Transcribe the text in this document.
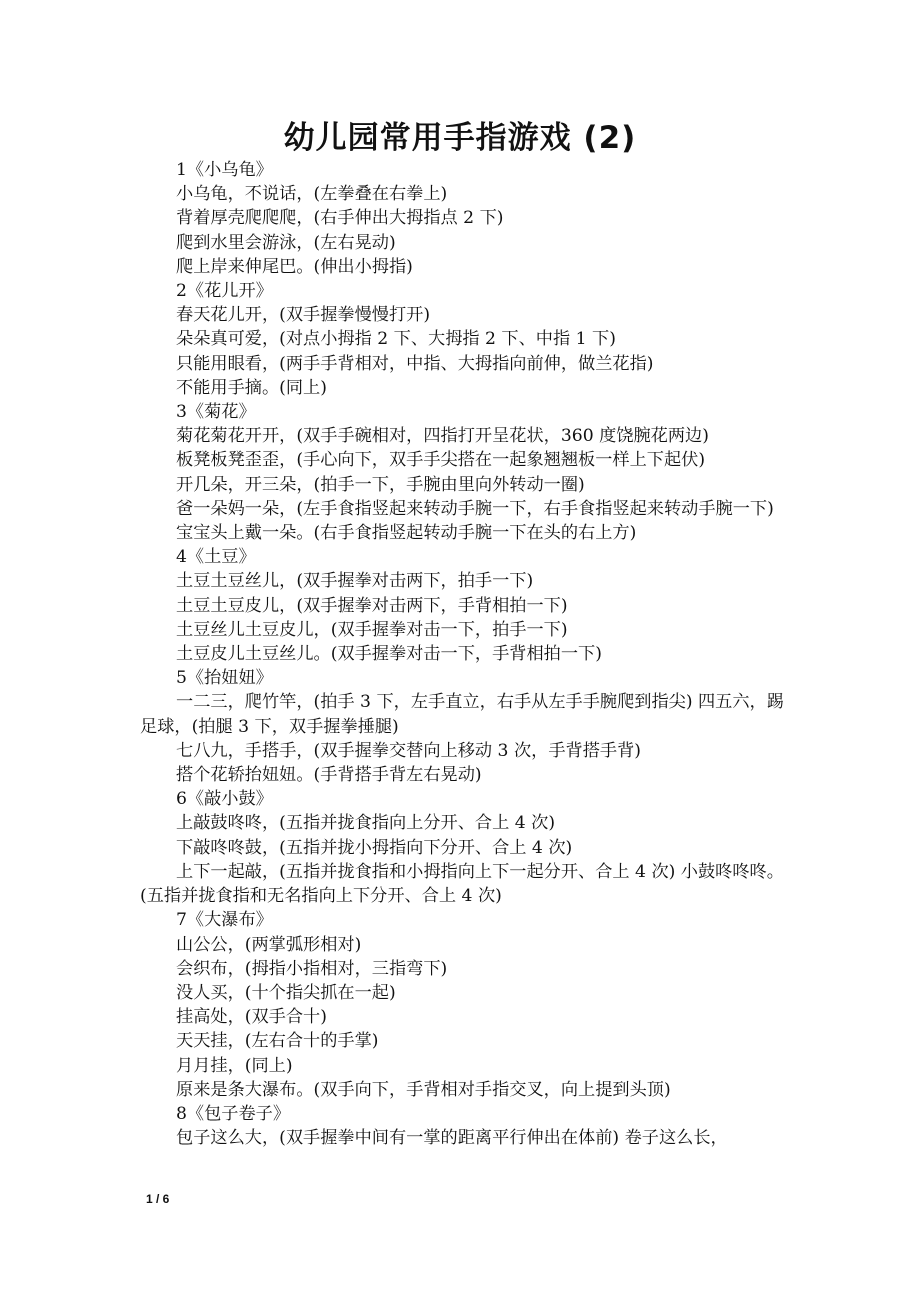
幼儿园常用手指游戏 (2)

1《小乌龟》

小乌龟，不说话，(左拳叠在右拳上)

背着厚壳爬爬爬，(右手伸出大拇指点 2 下)

爬到水里会游泳，(左右晃动)

爬上岸来伸尾巴。(伸出小拇指)

2《花儿开》

春天花儿开，(双手握拳慢慢打开)

朵朵真可爱，(对点小拇指 2 下、大拇指 2 下、中指 1 下)

只能用眼看，(两手手背相对，中指、大拇指向前伸，做兰花指)

不能用手摘。(同上)

3《菊花》

菊花菊花开开，(双手手碗相对，四指打开呈花状，360 度饶腕花两边)

板凳板凳歪歪，(手心向下，双手手尖搭在一起象翘翘板一样上下起伏)

开几朵，开三朵，(拍手一下，手腕由里向外转动一圈)

爸一朵妈一朵，(左手食指竖起来转动手腕一下，右手食指竖起来转动手腕一下)

宝宝头上戴一朵。(右手食指竖起转动手腕一下在头的右上方)

4《土豆》

土豆土豆丝儿，(双手握拳对击两下，拍手一下)

土豆土豆皮儿，(双手握拳对击两下，手背相拍一下)

土豆丝儿土豆皮儿，(双手握拳对击一下，拍手一下)

土豆皮儿土豆丝儿。(双手握拳对击一下，手背相拍一下)

5《抬妞妞》

一二三，爬竹竿，(拍手 3 下，左手直立，右手从左手手腕爬到指尖) 四五六，踢足球，(拍腿 3 下，双手握拳捶腿)

七八九，手搭手，(双手握拳交替向上移动 3 次，手背搭手背)

搭个花轿抬妞妞。(手背搭手背左右晃动)

6《敲小鼓》

上敲鼓咚咚，(五指并拢食指向上分开、合上 4 次)

下敲咚咚鼓，(五指并拢小拇指向下分开、合上 4 次)

上下一起敲，(五指并拢食指和小拇指向上下一起分开、合上 4 次) 小鼓咚咚咚。(五指并拢食指和无名指向上下分开、合上 4 次)

7《大瀑布》

山公公，(两掌弧形相对)

会织布，(拇指小指相对，三指弯下)

没人买，(十个指尖抓在一起)

挂高处，(双手合十)

天天挂，(左右合十的手掌)

月月挂，(同上)

原来是条大瀑布。(双手向下，手背相对手指交叉，向上提到头顶)

8《包子卷子》

包子这么大，(双手握拳中间有一掌的距离平行伸出在体前) 卷子这么长，

1 / 6
